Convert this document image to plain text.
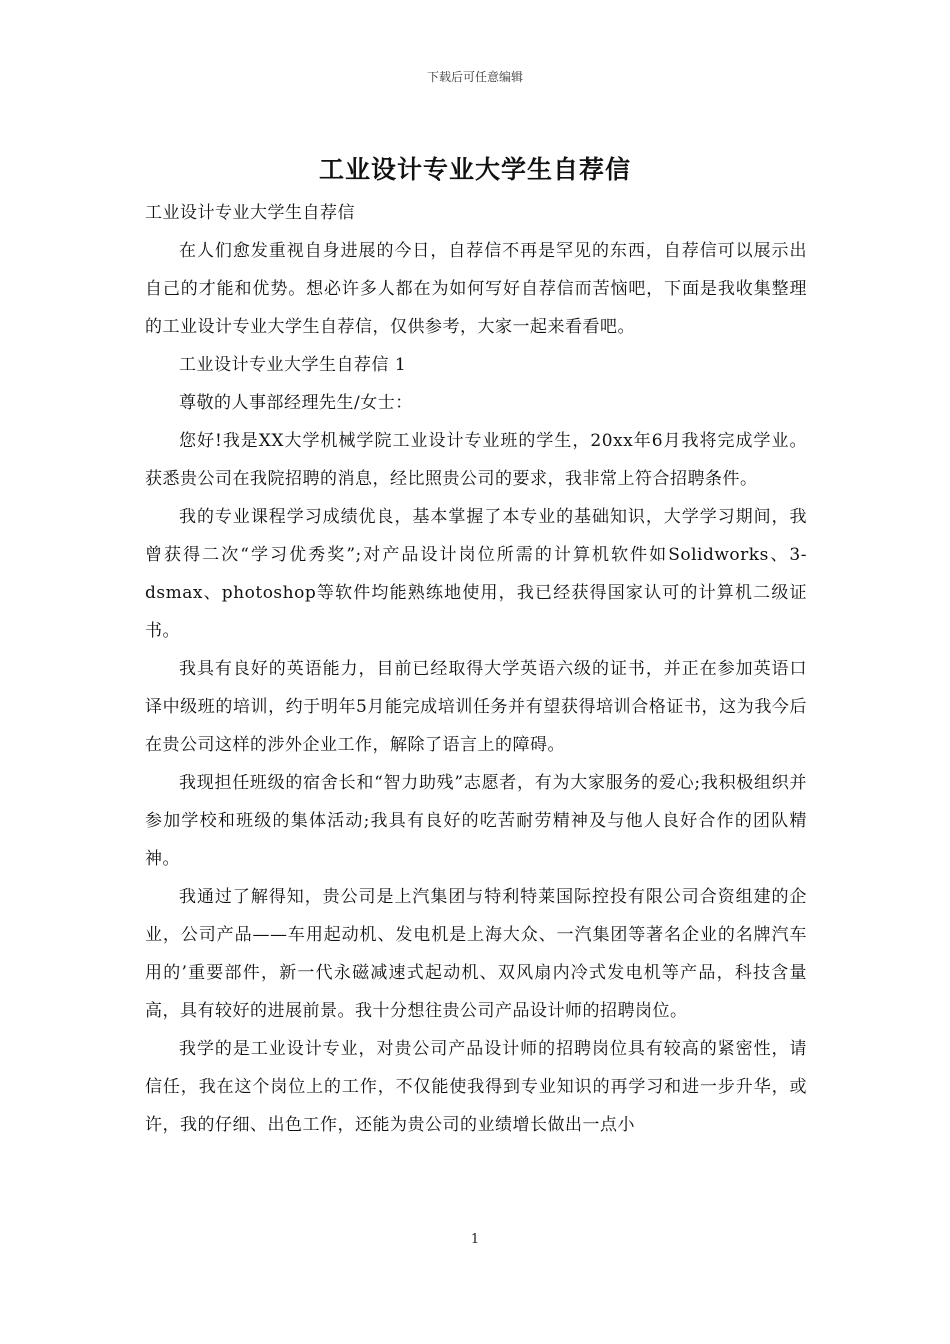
下载后可任意编辑
工业设计专业大学生自荐信

工业设计专业大学生自荐信

在人们愈发重视自身进展的今日，自荐信不再是罕见的东西，自荐信可以展示出自己的才能和优势。想必许多人都在为如何写好自荐信而苦恼吧，下面是我收集整理的工业设计专业大学生自荐信，仅供参考，大家一起来看看吧。

工业设计专业大学生自荐信 1

尊敬的人事部经理先生/女士：

您好!我是XX大学机械学院工业设计专业班的学生，20xx年6月我将完成学业。获悉贵公司在我院招聘的消息，经比照贵公司的要求，我非常上符合招聘条件。

我的专业课程学习成绩优良，基本掌握了本专业的基础知识，大学学习期间，我曾获得二次“学习优秀奖”;对产品设计岗位所需的计算机软件如Solidworks、3-dsmax、photoshop等软件均能熟练地使用，我已经获得国家认可的计算机二级证书。

我具有良好的英语能力，目前已经取得大学英语六级的证书，并正在参加英语口译中级班的培训，约于明年5月能完成培训任务并有望获得培训合格证书，这为我今后在贵公司这样的涉外企业工作，解除了语言上的障碍。

我现担任班级的宿舍长和“智力助残”志愿者，有为大家服务的爱心;我积极组织并参加学校和班级的集体活动;我具有良好的吃苦耐劳精神及与他人良好合作的团队精神。

我通过了解得知，贵公司是上汽集团与特利特莱国际控投有限公司合资组建的企业，公司产品——车用起动机、发电机是上海大众、一汽集团等著名企业的名牌汽车用的’重要部件，新一代永磁减速式起动机、双风扇内冷式发电机等产品，科技含量高，具有较好的进展前景。我十分想往贵公司产品设计师的招聘岗位。

我学的是工业设计专业，对贵公司产品设计师的招聘岗位具有较高的紧密性，请信任，我在这个岗位上的工作，不仅能使我得到专业知识的再学习和进一步升华，或许，我的仔细、出色工作，还能为贵公司的业绩增长做出一点小

1
